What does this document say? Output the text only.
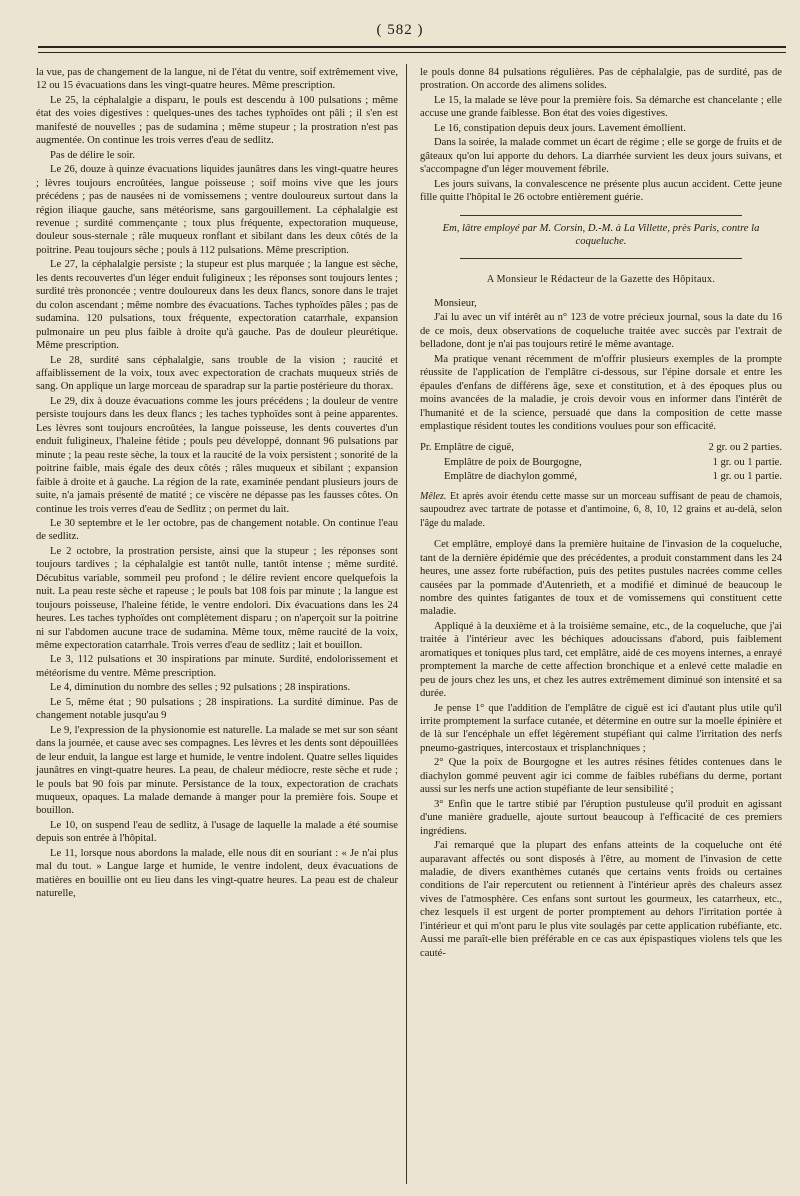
( 582 )

la vue, pas de changement de la langue, ni de l'état du ventre, soif extrêmement vive, 12 ou 15 évacuations dans les vingt-quatre heures. Même prescription.

Le 25, la céphalalgie a disparu, le pouls est descendu à 100 pulsations ; même état des voies digestives : quelques-unes des taches typhoïdes ont pâli ; il s'en est manifesté de nouvelles ; pas de sudamina ; même stupeur ; la prostration n'est pas augmentée. On continue les trois verres d'eau de sedlitz.

Pas de délire le soir.

Le 26, douze à quinze évacuations liquides jaunâtres dans les vingt-quatre heures ; lèvres toujours encroûtées, langue poisseuse ; soif moins vive que les jours précédens ; pas de nausées ni de vomissemens ; ventre douloureux surtout dans la région iliaque gauche, sans météorisme, sans gargouillement. La céphalalgie est revenue ; surdité commençante ; toux plus fréquente, expectoration muqueuse, douleur sous-sternale ; râle muqueux ronflant et sibilant dans les deux côtés de la poitrine. Peau toujours sèche ; pouls à 112 pulsations. Même prescription.

Le 27, la céphalalgie persiste ; la stupeur est plus marquée ; la langue est sèche, les dents recouvertes d'un léger enduit fuligineux ; les réponses sont toujours lentes ; surdité très prononcée ; ventre douloureux dans les deux flancs, sonore dans le trajet du colon ascendant ; même nombre des évacuations. Taches typhoïdes pâles ; pas de sudamina. 120 pulsations, toux fréquente, expectoration catarrhale, expansion pulmonaire un peu plus faible à droite qu'à gauche. Pas de douleur pleurétique. Même prescription.

Le 28, surdité sans céphalalgie, sans trouble de la vision ; raucité et affaiblissement de la voix, toux avec expectoration de crachats muqueux striés de sang. On applique un large morceau de sparadrap sur la partie postérieure du thorax.

Le 29, dix à douze évacuations comme les jours précédens ; la douleur de ventre persiste toujours dans les deux flancs ; les taches typhoïdes sont à peine apparentes. Les lèvres sont toujours encroûtées, la langue poisseuse, les dents couvertes d'un enduit fuligineux, l'haleine fétide ; pouls peu développé, donnant 96 pulsations par minute ; la peau reste sèche, la toux et la raucité de la voix persistent ; sonorité de la poitrine faible, mais égale des deux côtés ; râles muqueux et sibilant ; expansion faible à droite et à gauche. La région de la rate, examinée pendant plusieurs jours de suite, n'a jamais présenté de matité ; ce viscère ne dépasse pas les fausses côtes. On continue les trois verres d'eau de Sedlitz ; on permet du lait.

Le 30 septembre et le 1er octobre, pas de changement notable. On continue l'eau de sedlitz.

Le 2 octobre, la prostration persiste, ainsi que la stupeur ; les réponses sont toujours tardives ; la céphalalgie est tantôt nulle, tantôt intense ; même surdité. Décubitus variable, sommeil peu profond ; le délire revient encore quelquefois la nuit. La peau reste sèche et rapeuse ; le pouls bat 108 fois par minute ; la langue est toujours poisseuse, l'haleine fétide, le ventre endolori. Dix évacuations dans les 24 heures. Les taches typhoïdes ont complètement disparu ; on n'aperçoit sur la poitrine ni sur l'abdomen aucune trace de sudamina. Même toux, même raucité de la voix, même expectoration catarrhale. Trois verres d'eau de sedlitz ; lait et bouillon.

Le 3, 112 pulsations et 30 inspirations par minute. Surdité, endolorissement et météorisme du ventre. Même prescription.

Le 4, diminution du nombre des selles ; 92 pulsations ; 28 inspirations.

Le 5, même état ; 90 pulsations ; 28 inspirations. La surdité diminue. Pas de changement notable jusqu'au 9

Le 9, l'expression de la physionomie est naturelle. La malade se met sur son séant dans la journée, et cause avec ses compagnes. Les lèvres et les dents sont dépouillées de leur enduit, la langue est large et humide, le ventre indolent. Quatre selles liquides jaunâtres en vingt-quatre heures. La peau, de chaleur médiocre, reste sèche et rude ; le pouls bat 90 fois par minute. Persistance de la toux, expectoration de crachats muqueux, opaques. La malade demande à manger pour la première fois. Soupe et bouillon.

Le 10, on suspend l'eau de sedlitz, à l'usage de laquelle la malade a été soumise depuis son entrée à l'hôpital.

Le 11, lorsque nous abordons la malade, elle nous dit en souriant : « Je n'ai plus mal du tout. » Langue large et humide, le ventre indolent, deux évacuations de matières en bouillie ont eu lieu dans les vingt-quatre heures. La peau est de chaleur naturelle,

le pouls donne 84 pulsations régulières. Pas de céphalalgie, pas de surdité, pas de prostration. On accorde des alimens solides.

Le 15, la malade se lève pour la première fois. Sa démarche est chancelante ; elle accuse une grande faiblesse. Bon état des voies digestives.

Le 16, constipation depuis deux jours. Lavement émollient.

Dans la soirée, la malade commet un écart de régime ; elle se gorge de fruits et de gâteaux qu'on lui apporte du dehors. La diarrhée survient les deux jours suivans, et s'accompagne d'un léger mouvement fébrile.

Les jours suivans, la convalescence ne présente plus aucun accident. Cette jeune fille quitte l'hôpital le 26 octobre entièrement guérie.

Em, lâtre employé par M. Corsin, D.-M. à La Villette, près Paris, contre la coqueluche.

A Monsieur le Rédacteur de la Gazette des Hôpitaux.

Monsieur,

J'ai lu avec un vif intérêt au n° 123 de votre précieux journal, sous la date du 16 de ce mois, deux observations de coqueluche traitée avec succès par l'extrait de belladone, dont je n'ai pas toujours retiré le même avantage.

Ma pratique venant récemment de m'offrir plusieurs exemples de la prompte réussite de l'application de l'emplâtre ci-dessous, sur l'épine dorsale et entre les épaules d'enfans de différens âge, sexe et constitution, et à des époques plus ou moins avancées de la maladie, je crois devoir vous en informer dans l'intérêt de l'humanité et de la science, persuadé que dans la composition de cette masse emplastique résident toutes les conditions voulues pour son efficacité.

Pr. Emplâtre de ciguë,	2 gr. ou 2 parties.

Emplâtre de poix de Bourgogne,	1 gr. ou 1 partie.

Emplâtre de diachylon gommé,	1 gr. ou 1 partie.

Mêlez. Et après avoir étendu cette masse sur un morceau suffisant de peau de chamois, saupoudrez avec tartrate de potasse et d'antimoine, 6, 8, 10, 12 grains et au-delà, selon l'âge du malade.

Cet emplâtre, employé dans la première huitaine de l'invasion de la coqueluche, tant de la dernière épidémie que des précédentes, a produit constamment dans les 24 heures, une assez forte rubéfaction, puis des petites pustules nacrées comme celles causées par la pommade d'Autenrieth, et a modifié et diminué de beaucoup le nombre des quintes fatigantes de toux et de vomissemens qui constituent cette maladie.

Appliqué à la deuxième et à la troisième semaine, etc., de la coqueluche, que j'ai traitée à l'intérieur avec les béchiques adoucissans d'abord, puis faiblement aromatiques et toniques plus tard, cet emplâtre, aidé de ces moyens internes, a enrayé promptement la marche de cette affection bronchique et a enlevé cette maladie en peu de jours chez les uns, et chez les autres extrêmement diminué son intensité et sa durée.

Je pense 1° que l'addition de l'emplâtre de ciguë est ici d'autant plus utile qu'il irrite promptement la surface cutanée, et détermine en outre sur la moelle épinière et de là sur l'encéphale un effet légèrement stupéfiant qui calme l'irritation des nerfs pneumo-gastriques, intercostaux et trisplanchniques ;

2° Que la poix de Bourgogne et les autres résines fétides contenues dans le diachylon gommé peuvent agir ici comme de faibles rubéfians du derme, portant aussi sur les nerfs une action stupéfiante de leur sensibilité ;

3° Enfin que le tartre stibié par l'éruption pustuleuse qu'il produit en agissant d'une manière graduelle, ajoute surtout beaucoup à l'efficacité de ces premiers ingrédiens.

J'ai remarqué que la plupart des enfans atteints de la coqueluche ont été auparavant affectés ou sont disposés à l'être, au moment de l'invasion de cette maladie, de divers exanthèmes cutanés que certains vents froids ou certaines conditions de l'air repercutent ou retiennent à l'intérieur après des chaleurs assez vives de l'atmosphère. Ces enfans sont surtout les gourmeux, les catarrheux, etc., chez lesquels il est urgent de porter promptement au dehors l'irritation portée à l'intérieur et qui m'ont paru le plus vite soulagés par cette application rubéfiante, etc. Aussi me paraît-elle bien préférable en ce cas aux épispastiques violens tels que les cauté-
